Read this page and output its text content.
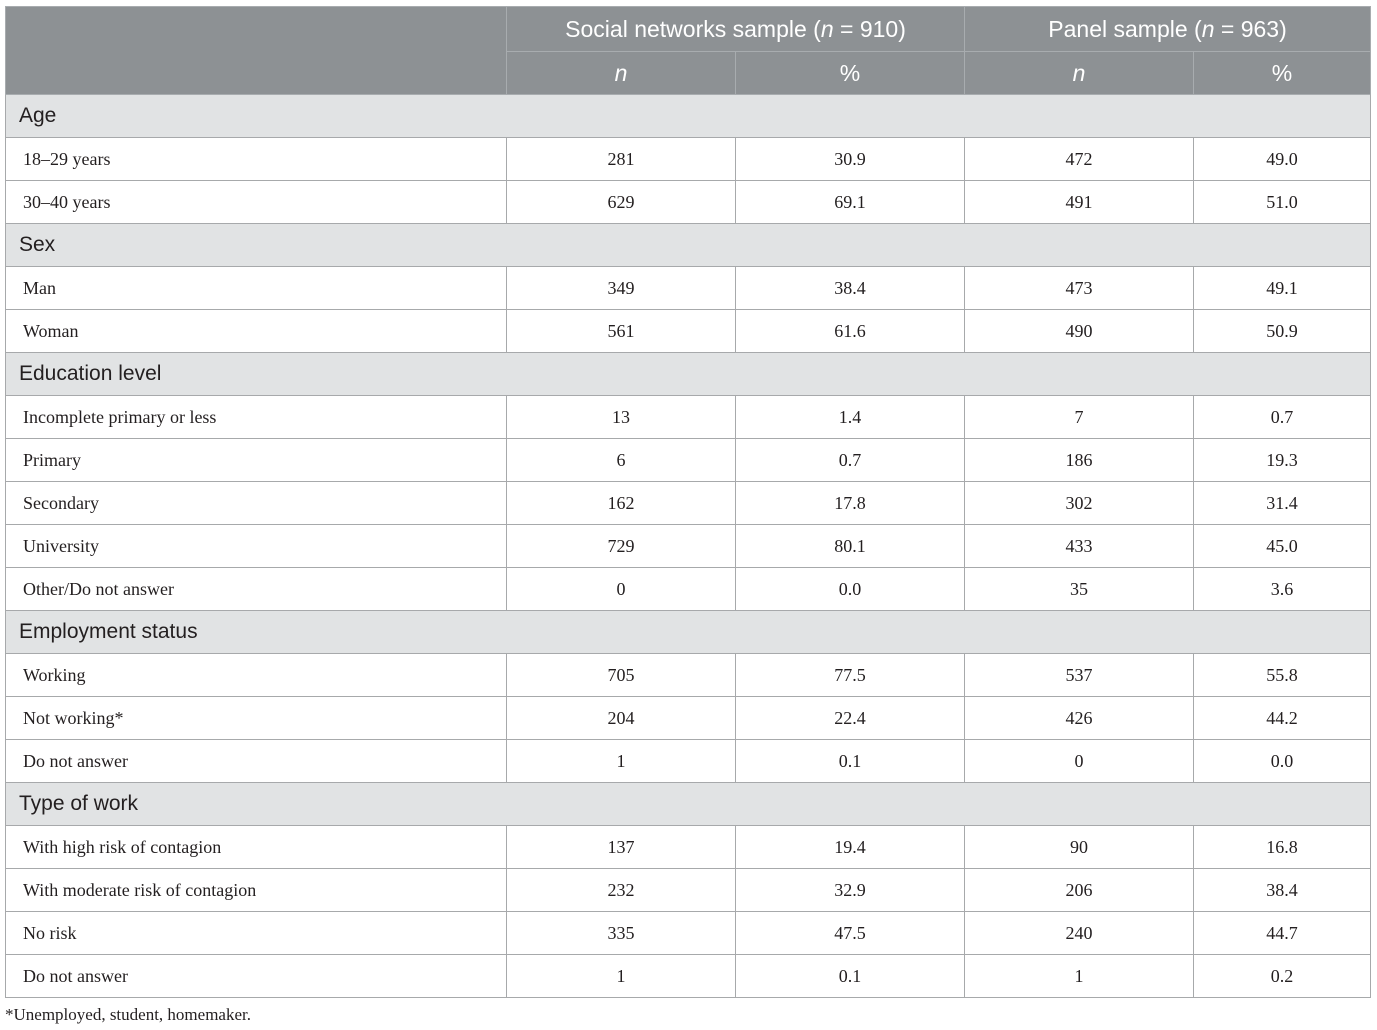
	Social networks sample (n = 910)		Panel sample (n = 963)	
	n	%	n	%
Age				
18–29 years	281	30.9	472	49.0
30–40 years	629	69.1	491	51.0
Sex				
Man	349	38.4	473	49.1
Woman	561	61.6	490	50.9
Education level				
Incomplete primary or less	13	1.4	7	0.7
Primary	6	0.7	186	19.3
Secondary	162	17.8	302	31.4
University	729	80.1	433	45.0
Other/Do not answer	0	0.0	35	3.6
Employment status				
Working	705	77.5	537	55.8
Not working*	204	22.4	426	44.2
Do not answer	1	0.1	0	0.0
Type of work				
With high risk of contagion	137	19.4	90	16.8
With moderate risk of contagion	232	32.9	206	38.4
No risk	335	47.5	240	44.7
Do not answer	1	0.1	1	0.2
*Unemployed, student, homemaker.
